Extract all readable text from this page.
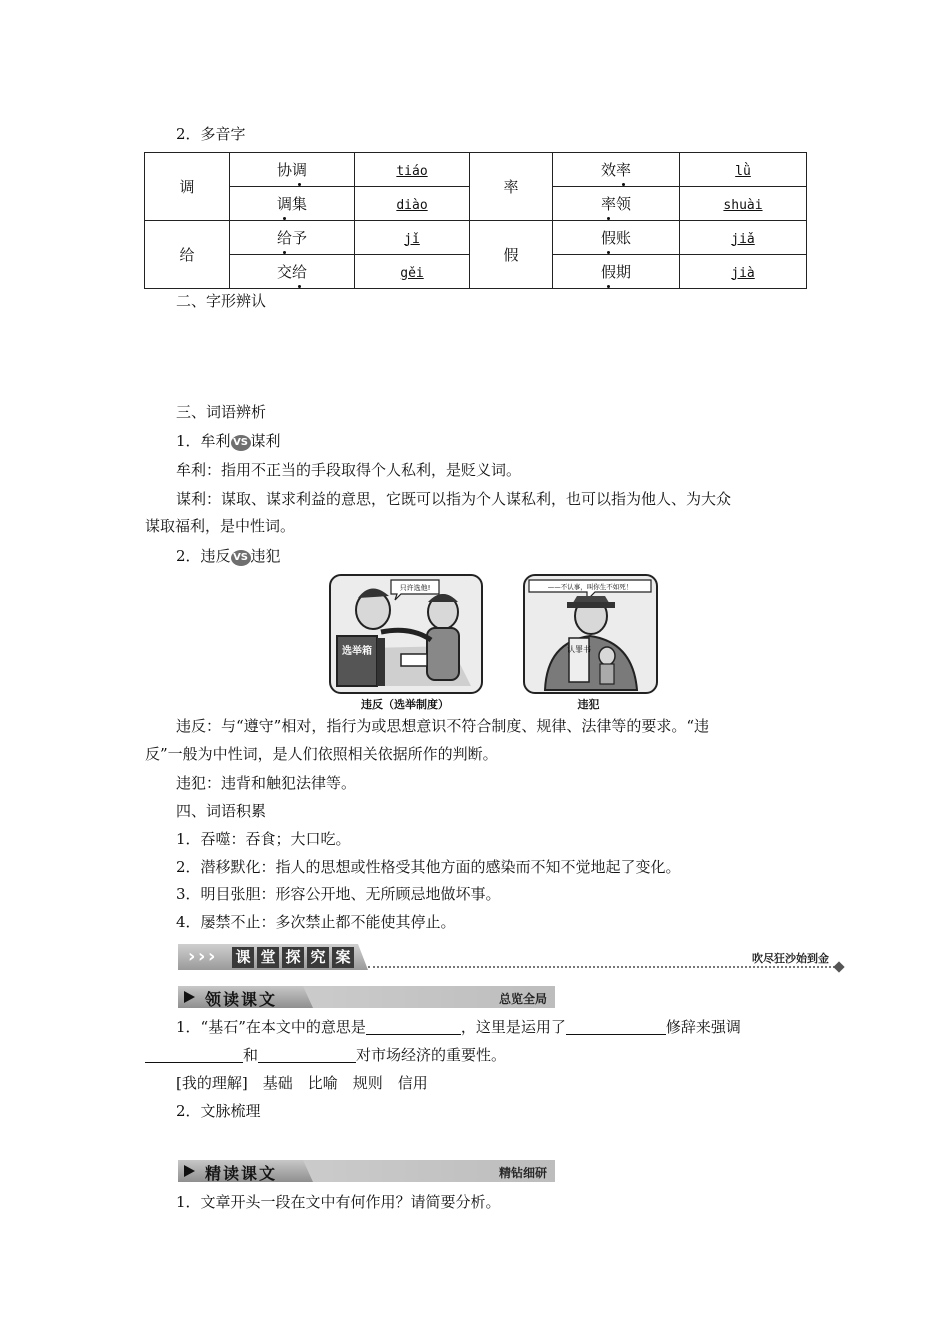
2．多音字
调	协调	tiáo	率	效率	lǜ
	调集	diào		率领	shuài
给	给予	jǐ	假	假账	jiǎ
	交给	gěi		假期	jià
二、字形辨认
三、词语辨析
1．牟利 VS 谋利
牟利：指用不正当的手段取得个人私利，是贬义词。
谋利：谋取、谋求利益的意思，它既可以指为个人谋私利，也可以指为他人、为大众
谋取福利，是中性词。
2．违反 VS 违犯
只许选他!
选举箱
违反（选举制度）
——不认事，叫你生不如死！
认罪书
违犯
违反：与“遵守”相对，指行为或思想意识不符合制度、规律、法律等的要求。“违
反”一般为中性词，是人们依照相关依据所作的判断。
违犯：违背和触犯法律等。
四、词语积累
1．吞噬：吞食；大口吃。
2．潜移默化：指人的思想或性格受其他方面的感染而不知不觉地起了变化。
3．明目张胆：形容公开地、无所顾忌地做坏事。
4．屡禁不止：多次禁止都不能使其停止。
› › › 课 堂 探 究 案	吹尽狂沙始到金
领读课文	总览全局
1．“基石”在本文中的意思是	，这里是运用了	修辞来强调
和	对市场经济的重要性。
[我的理解]  基础  比喻  规则  信用
2．文脉梳理
精读课文	精钻细研
1．文章开头一段在文中有何作用？请简要分析。
